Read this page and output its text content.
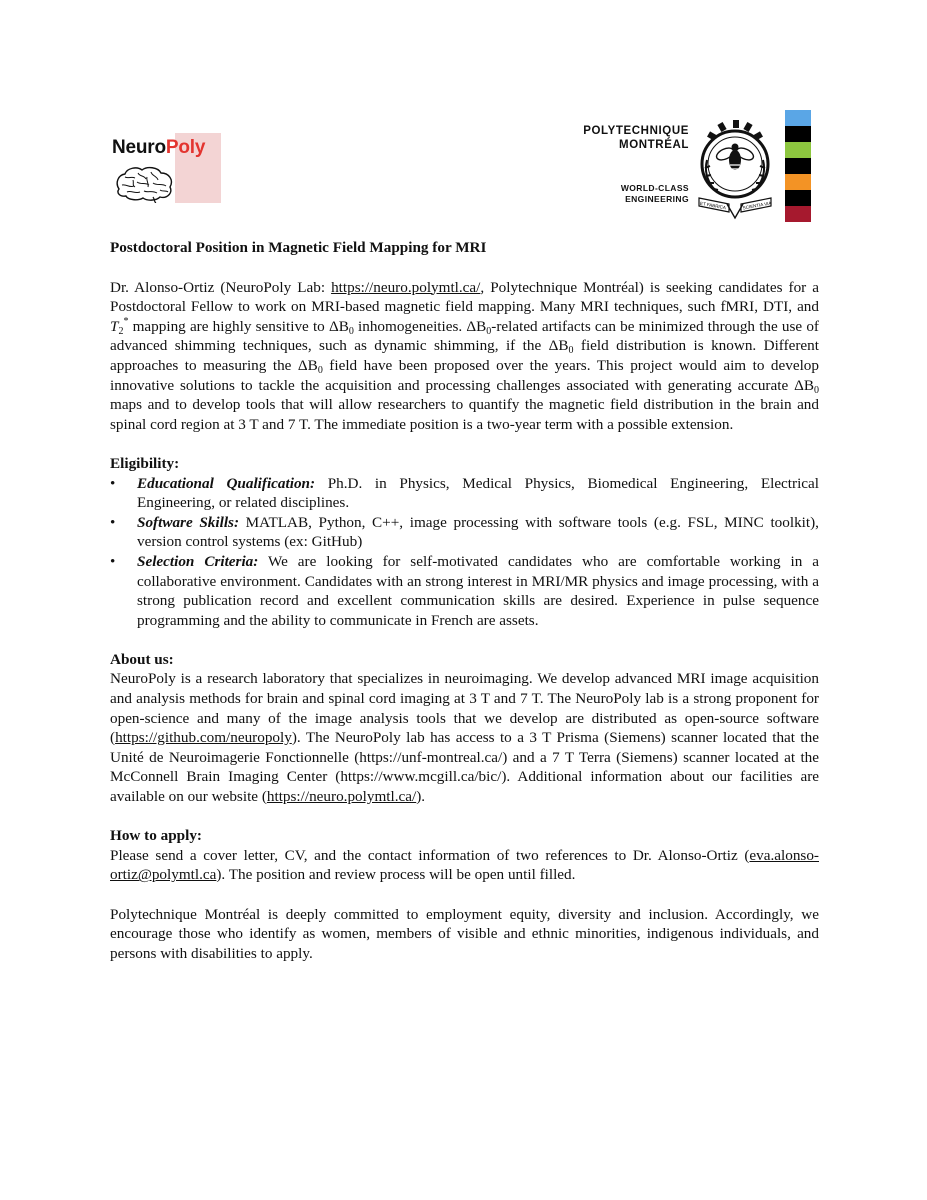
NeuroPoly
POLYTECHNIQUE
MONTRÉAL
WORLD-CLASS
ENGINEERING
ET FABRICA	SCIENTIA VIA
Postdoctoral Position in Magnetic Field Mapping for MRI

Dr. Alonso-Ortiz (NeuroPoly Lab: https://neuro.polymtl.ca/, Polytechnique Montréal) is seeking candidates for a Postdoctoral Fellow to work on MRI-based magnetic field mapping. Many MRI techniques, such fMRI, DTI, and $T_2^*$ mapping are highly sensitive to $\Delta B_0$ inhomogeneities. $\Delta B_0$-related artifacts can be minimized through the use of advanced shimming techniques, such as dynamic shimming, if the $\Delta B_0$ field distribution is known. Different approaches to measuring the $\Delta B_0$ field have been proposed over the years. This project would aim to develop innovative solutions to tackle the acquisition and processing challenges associated with generating accurate $\Delta B_0$ maps and to develop tools that will allow researchers to quantify the magnetic field distribution in the brain and spinal cord region at 3 T and 7 T. The immediate position is a two-year term with a possible extension.

Eligibility:
• Educational Qualification: Ph.D. in Physics, Medical Physics, Biomedical Engineering, Electrical Engineering, or related disciplines.
• Software Skills: MATLAB, Python, C++, image processing with software tools (e.g. FSL, MINC toolkit), version control systems (ex: GitHub)
• Selection Criteria: We are looking for self-motivated candidates who are comfortable working in a collaborative environment. Candidates with an strong interest in MRI/MR physics and image processing, with a strong publication record and excellent communication skills are desired. Experience in pulse sequence programming and the ability to communicate in French are assets.
About us:

NeuroPoly is a research laboratory that specializes in neuroimaging. We develop advanced MRI image acquisition and analysis methods for brain and spinal cord imaging at 3 T and 7 T. The NeuroPoly lab is a strong proponent for open-science and many of the image analysis tools that we develop are distributed as open-source software (https://github.com/neuropoly). The NeuroPoly lab has access to a 3 T Prisma (Siemens) scanner located that the Unité de Neuroimagerie Fonctionnelle (https://unf-montreal.ca/) and a 7 T Terra (Siemens) scanner located at the McConnell Brain Imaging Center (https://www.mcgill.ca/bic/). Additional information about our facilities are available on our website (https://neuro.polymtl.ca/).

How to apply:

Please send a cover letter, CV, and the contact information of two references to Dr. Alonso-Ortiz (eva.alonso-ortiz@polymtl.ca). The position and review process will be open until filled.

Polytechnique Montréal is deeply committed to employment equity, diversity and inclusion. Accordingly, we encourage those who identify as women, members of visible and ethnic minorities, indigenous individuals, and persons with disabilities to apply.
